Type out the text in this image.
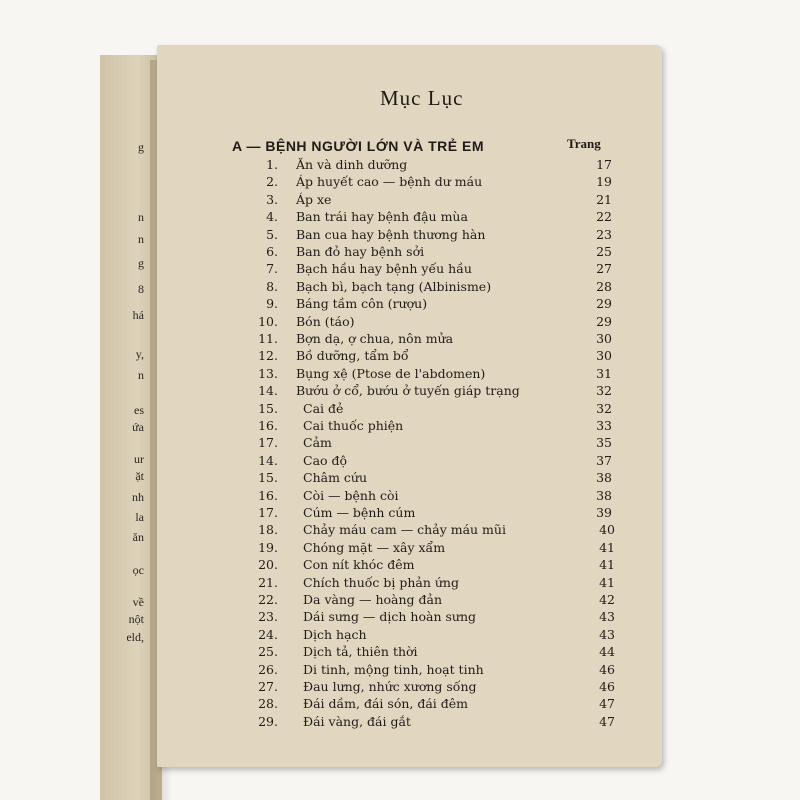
g
n
n
g
8
há
y,
n
es
ứa
ur
ặt
nh
la
ăn
ọc
về
nột
eld,
Mục Lục
A — BỆNH NGƯỜI LỚN VÀ TRẺ EM	Trang
1. Ăn và dinh dưỡng	17
2. Áp huyết cao — bệnh dư máu	19
3. Áp xe	21
4. Ban trái hay bệnh đậu mùa	22
5. Ban cua hay bệnh thương hàn	23
6. Ban đỏ hay bệnh sởi	25
7. Bạch hầu hay bệnh yếu hầu	27
8. Bạch bì, bạch tạng (Albinisme)	28
9. Báng tầm côn (rượu)	29
10. Bón (táo)	29
11. Bợn dạ, ợ chua, nôn mửa	30
12. Bồ dưỡng, tẩm bổ	30
13. Bụng xệ (Ptose de l'abdomen)	31
14. Bướu ở cổ, bướu ở tuyến giáp trạng	32
15. Cai đẻ	32
16. Cai thuốc phiện	33
17. Cảm	35
14. Cao độ	37
15. Châm cứu	38
16. Còi — bệnh còi	38
17. Cúm — bệnh cúm	39
18. Chảy máu cam — chảy máu mũi	40
19. Chóng mặt — xây xẩm	41
20. Con nít khóc đêm	41
21. Chích thuốc bị phản ứng	41
22. Da vàng — hoàng đản	42
23. Dái sưng — dịch hoàn sưng	43
24. Dịch hạch	43
25. Dịch tả, thiên thời	44
26. Di tinh, mộng tinh, hoạt tinh	46
27. Đau lưng, nhức xương sống	46
28. Đái dầm, đái són, đái đêm	47
29. Đái vàng, đái gắt	47
